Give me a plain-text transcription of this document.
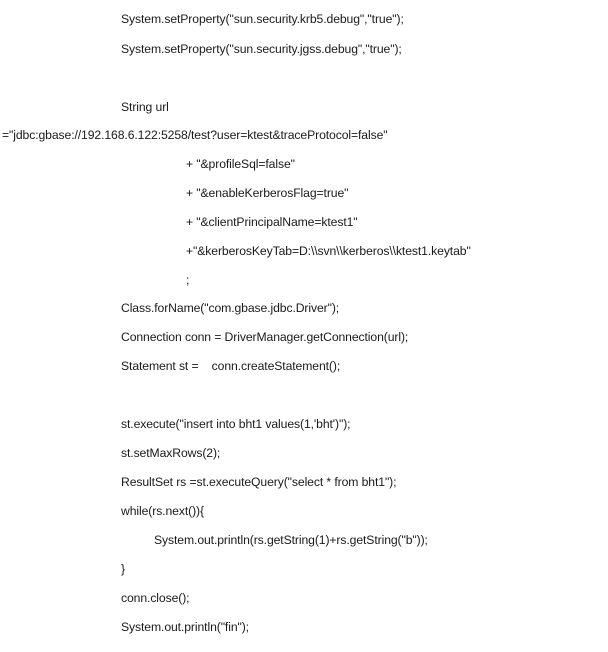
System.setProperty("sun.security.krb5.debug","true");
System.setProperty("sun.security.jgss.debug","true");
String url
="jdbc:gbase://192.168.6.122:5258/test?user=ktest&traceProtocol=false"
+ "&profileSql=false"
+ "&enableKerberosFlag=true"
+ "&clientPrincipalName=ktest1"
+"&kerberosKeyTab=D:\\svn\\kerberos\\ktest1.keytab"
;
Class.forName("com.gbase.jdbc.Driver");
Connection conn = DriverManager.getConnection(url);
Statement st =    conn.createStatement();
st.execute("insert into bht1 values(1,'bht')");
st.setMaxRows(2);
ResultSet rs =st.executeQuery("select * from bht1");
while(rs.next()){
System.out.println(rs.getString(1)+rs.getString("b"));
}
conn.close();
System.out.println("fin");
